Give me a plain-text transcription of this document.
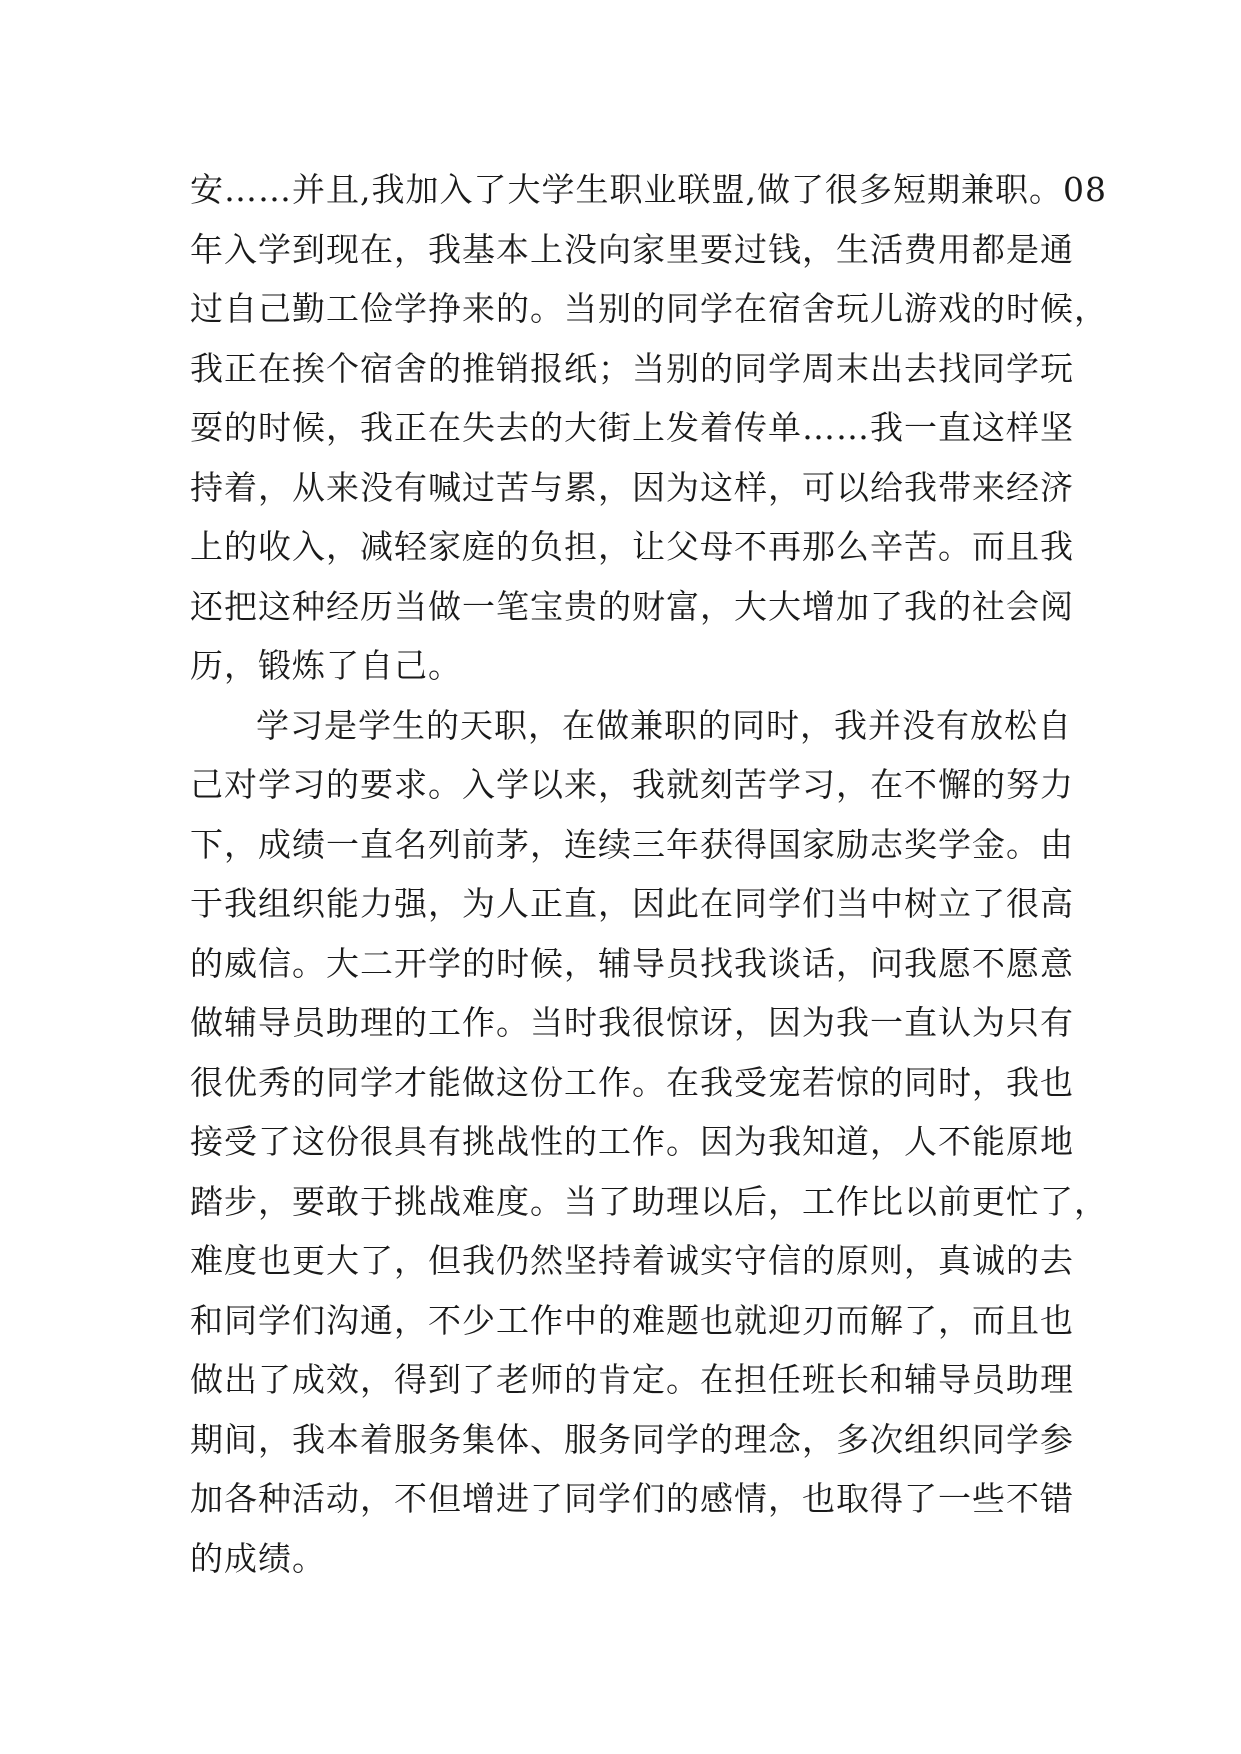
安……并且,我加入了大学生职业联盟,做了很多短期兼职。08
年入学到现在，我基本上没向家里要过钱，生活费用都是通
过自己勤工俭学挣来的。当别的同学在宿舍玩儿游戏的时候，
我正在挨个宿舍的推销报纸；当别的同学周末出去找同学玩
耍的时候，我正在失去的大街上发着传单……我一直这样坚
持着，从来没有喊过苦与累，因为这样，可以给我带来经济
上的收入，减轻家庭的负担，让父母不再那么辛苦。而且我
还把这种经历当做一笔宝贵的财富，大大增加了我的社会阅
历，锻炼了自己。
学习是学生的天职，在做兼职的同时，我并没有放松自
己对学习的要求。入学以来，我就刻苦学习，在不懈的努力
下，成绩一直名列前茅，连续三年获得国家励志奖学金。由
于我组织能力强，为人正直，因此在同学们当中树立了很高
的威信。大二开学的时候，辅导员找我谈话，问我愿不愿意
做辅导员助理的工作。当时我很惊讶，因为我一直认为只有
很优秀的同学才能做这份工作。在我受宠若惊的同时，我也
接受了这份很具有挑战性的工作。因为我知道，人不能原地
踏步，要敢于挑战难度。当了助理以后，工作比以前更忙了，
难度也更大了，但我仍然坚持着诚实守信的原则，真诚的去
和同学们沟通，不少工作中的难题也就迎刃而解了，而且也
做出了成效，得到了老师的肯定。在担任班长和辅导员助理
期间，我本着服务集体、服务同学的理念，多次组织同学参
加各种活动，不但增进了同学们的感情，也取得了一些不错
的成绩。
